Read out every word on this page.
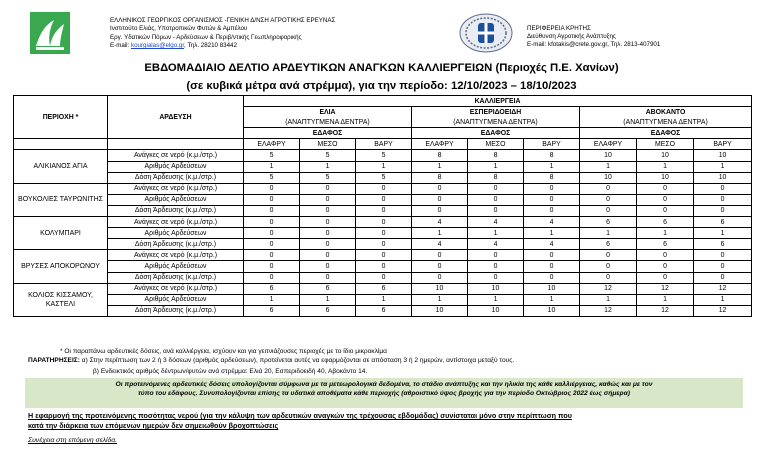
ΕΛΛΗΝΙΚΟΣ ΓΕΩΡΓΙΚΟΣ ΟΡΓΑΝΙΣΜΟΣ -ΓΕΝΙΚΗ Δ/ΝΣΗ ΑΓΡΟΤΙΚΗΣ ΕΡΕΥΝΑΣ
Ινστιτούτο Ελιάς, Υποτροπικών Φυτών & Αμπέλου
Εργ. Υδατικών Πόρων - Αρδεύσεων & Περιβ/ντικής Γεωπληροφορικής
E-mail: kourgialas@elgo.gr, Τηλ. 28210 83442
ΠΕΡΙΦΕΡΕΙΑ ΚΡΗΤΗΣ
Διεύθυνση Αγροτικής Ανάπτυξης
E-mail: kfotakis@crete.gov.gr, Τηλ. 2813-407901
ΕΒΔΟΜΑΔΙΑΙΟ ΔΕΛΤΙΟ ΑΡΔΕΥΤΙΚΩΝ ΑΝΑΓΚΩΝ ΚΑΛΛΙΕΡΓΕΙΩΝ (Περιοχές Π.Ε. Χανίων)
(σε κυβικά μέτρα ανά στρέμμα), για την περίοδο: 12/10/2023 – 18/10/2023
ΠΕΡΙΟΧΗ *	ΑΡΔΕΥΣΗ	ΚΑΛΛΙΕΡΓΕΙΑ								
		ΕΛΙΑ			ΕΣΠΕΡΙΔΟΕΙΔΗ			ΑΒΟΚΑΝΤΟ		
		(ΑΝΑΠΤΥΓΜΕΝΑ ΔΕΝΤΡΑ)			(ΑΝΑΠΤΥΓΜΕΝΑ ΔΕΝΤΡΑ)			(ΑΝΑΠΤΥΓΜΕΝΑ ΔΕΝΤΡΑ)		
		ΕΔΑΦΟΣ			ΕΔΑΦΟΣ			ΕΔΑΦΟΣ		
		ΕΛΑΦΡΥ	ΜΕΣΟ	ΒΑΡΥ	ΕΛΑΦΡΥ	ΜΕΣΟ	ΒΑΡΥ	ΕΛΑΦΡΥ	ΜΕΣΟ	ΒΑΡΥ
ΑΛΙΚΙΑΝΟΣ ΑΓΙΑ	Ανάγκες σε νερό (κ.μ./στρ.)	5	5	5	8	8	8	10	10	10
	Αριθμός Αρδεύσεων	1	1	1	1	1	1	1	1	1
	Δόση Άρδευσης (κ.μ./στρ.)	5	5	5	8	8	8	10	10	10
ΒΟΥΚΟΛΙΕΣ ΤΑΥΡΩΝΙΤΗΣ	Ανάγκες σε νερό (κ.μ./στρ.)	0	0	0	0	0	0	0	0	0
	Αριθμός Αρδεύσεων	0	0	0	0	0	0	0	0	0
	Δόση Άρδευσης (κ.μ./στρ.)	0	0	0	0	0	0	0	0	0
ΚΟΛΥΜΠΑΡΙ	Ανάγκες σε νερό (κ.μ./στρ.)	0	0	0	4	4	4	6	6	6
	Αριθμός Αρδεύσεων	0	0	0	1	1	1	1	1	1
	Δόση Άρδευσης (κ.μ./στρ.)	0	0	0	4	4	4	6	6	6
ΒΡΥΣΕΣ ΑΠΟΚΟΡΩΝΟΥ	Ανάγκες σε νερό (κ.μ./στρ.)	0	0	0	0	0	0	0	0	0
	Αριθμός Αρδεύσεων	0	0	0	0	0	0	0	0	0
	Δόση Άρδευσης (κ.μ./στρ.)	0	0	0	0	0	0	0	0	0
ΚΟΛΙΟΣ ΚΙΣΣΑΜΟΥ, ΚΑΣΤΕΛΙ	Ανάγκες σε νερό (κ.μ./στρ.)	6	6	6	10	10	10	12	12	12
	Αριθμός Αρδεύσεων	1	1	1	1	1	1	1	1	1
	Δόση Άρδευσης (κ.μ./στρ.)	6	6	6	10	10	10	12	12	12
* Οι παραπάνω αρδευτικές δόσεις, ανά καλλιέργεια, ισχύουν και για γειτνιάζουσες περιοχές με το ίδιο μικροκλίμα
ΠΑΡΑΤΗΡΗΣΕΙΣ: α) Στην περίπτωση των 2 ή 3 δόσεων (αριθμός αρδεύσεων), προτείνεται αυτές να εφαρμόζονται σε απόσταση 3 ή 2 ημερών, αντίστοιχα μεταξύ τους.
β) Ενδεικτικός αριθμός δέντρων/φυτών ανά στρέμμα: Ελιά 20, Εσπεριδοειδή 40, Αβοκάντο 14.
Οι προτεινόμενες αρδευτικές δόσεις υπολογίζονται σύμφωνα με τα μετεωρολογικά δεδομένα, το στάδιο ανάπτυξης και την ηλικία της κάθε καλλιέργειας, καθώς και με τον
τύπο του εδάφους. Συνυπολογίζονται επίσης τα υδατικά αποθέματα κάθε περιοχής (αθροιστικό ύψος βροχής για την περίοδο Οκτώβριος 2022 έως σήμερα)
Η εφαρμογή της προτεινόμενης ποσότητας νερού (για την κάλυψη των αρδευτικών αναγκών της τρέχουσας εβδομάδας) συνίσταται μόνο στην περίπτωση που
κατά την διάρκεια των επόμενων ημερών δεν σημειωθούν βροχοπτώσεις
Συνέχεια στη επόμενη σελίδα.
